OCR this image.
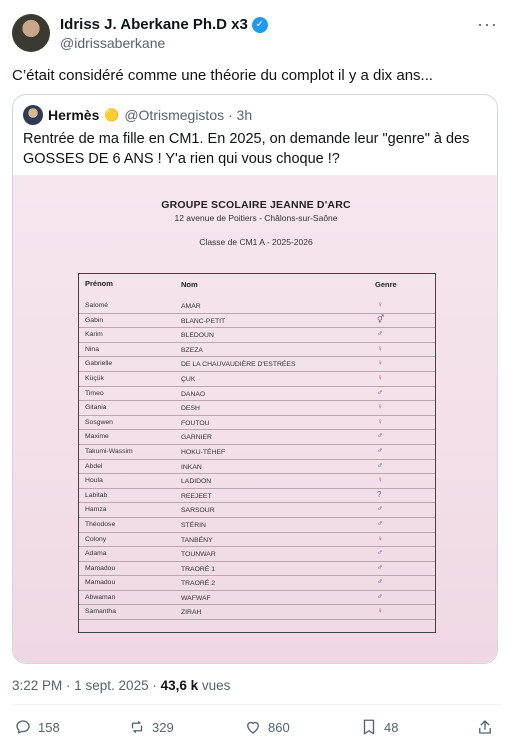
Idriss J. Aberkane Ph.D x3 ✓
@idrissaberkane
···
C’était considéré comme une théorie du complot il y a dix ans...
Hermès 🟡 @Otrismegistos · 3h
Rentrée de ma fille en CM1. En 2025, on demande leur "genre" à des GOSSES DE 6 ANS ! Y'a rien qui vous choque !?
GROUPE SCOLAIRE JEANNE D'ARC
12 avenue de Poitiers - Châlons-sur-Saône
Classe de CM1 A - 2025-2026
Prénom	Nom	Genre
Salomé	AMAR	♀
Gabin	BLANC-PETIT	⚥
Karim	BLEDOUN	♂
Nina	BZEZA	♀
Gabrielle	DE LA CHAUVAUDIÈRE D'ESTRÉES	♀
Küçük	ÇUK	♀
Timeo	DANAO	♂
Gitania	DESH	♀
Sosgwen	FOUTOU	♀
Maxime	GARNIER	♂
Takumi-Wassim	HOKU-TÉHEF	♂
Abdel	INKAN	♂
Houla	LADIDON	♀
Labitab	REEJEET	?
Hamza	SARSOUR	♂
Théodose	STÉRIN	♂
Colony	TANBÉNY	♀
Adama	TOUNWAR	♂
Mamadou	TRAORÉ 1	♂
Mamadou	TRAORÉ 2	♂
Abwaman	WAFWAF	♂
Samantha	ZIRAH	♀
3:22 PM · 1 sept. 2025 · 43,6 k vues
158	329	860	48
